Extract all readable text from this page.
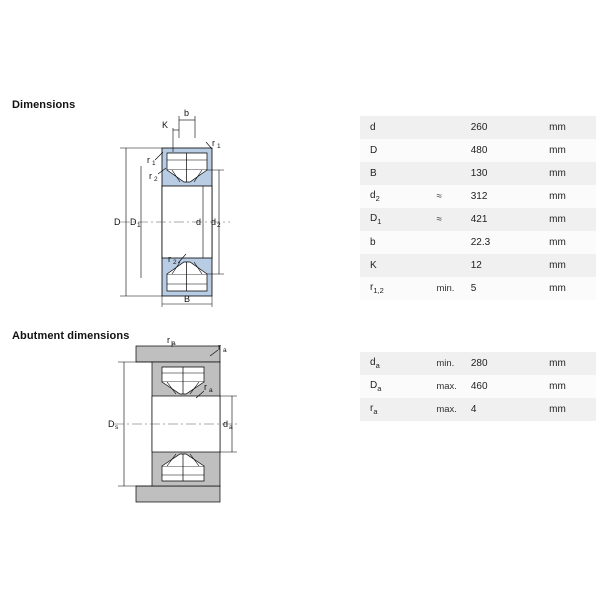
Dimensions
Abutment dimensions
b
K
r 1
r 1
r 2
r 2
D D 1	d d 2
B
r a	r a
r a
D s	d a
d		260	mm
D		480	mm
B		130	mm
$d_2$	≈	312	mm
$D_1$	≈	421	mm
b		22.3	mm
K		12	mm
$r_{1,2}$	min.	5	mm
$d_a$	min.	280	mm
$D_a$	max.	460	mm
$r_a$	max.	4	mm
